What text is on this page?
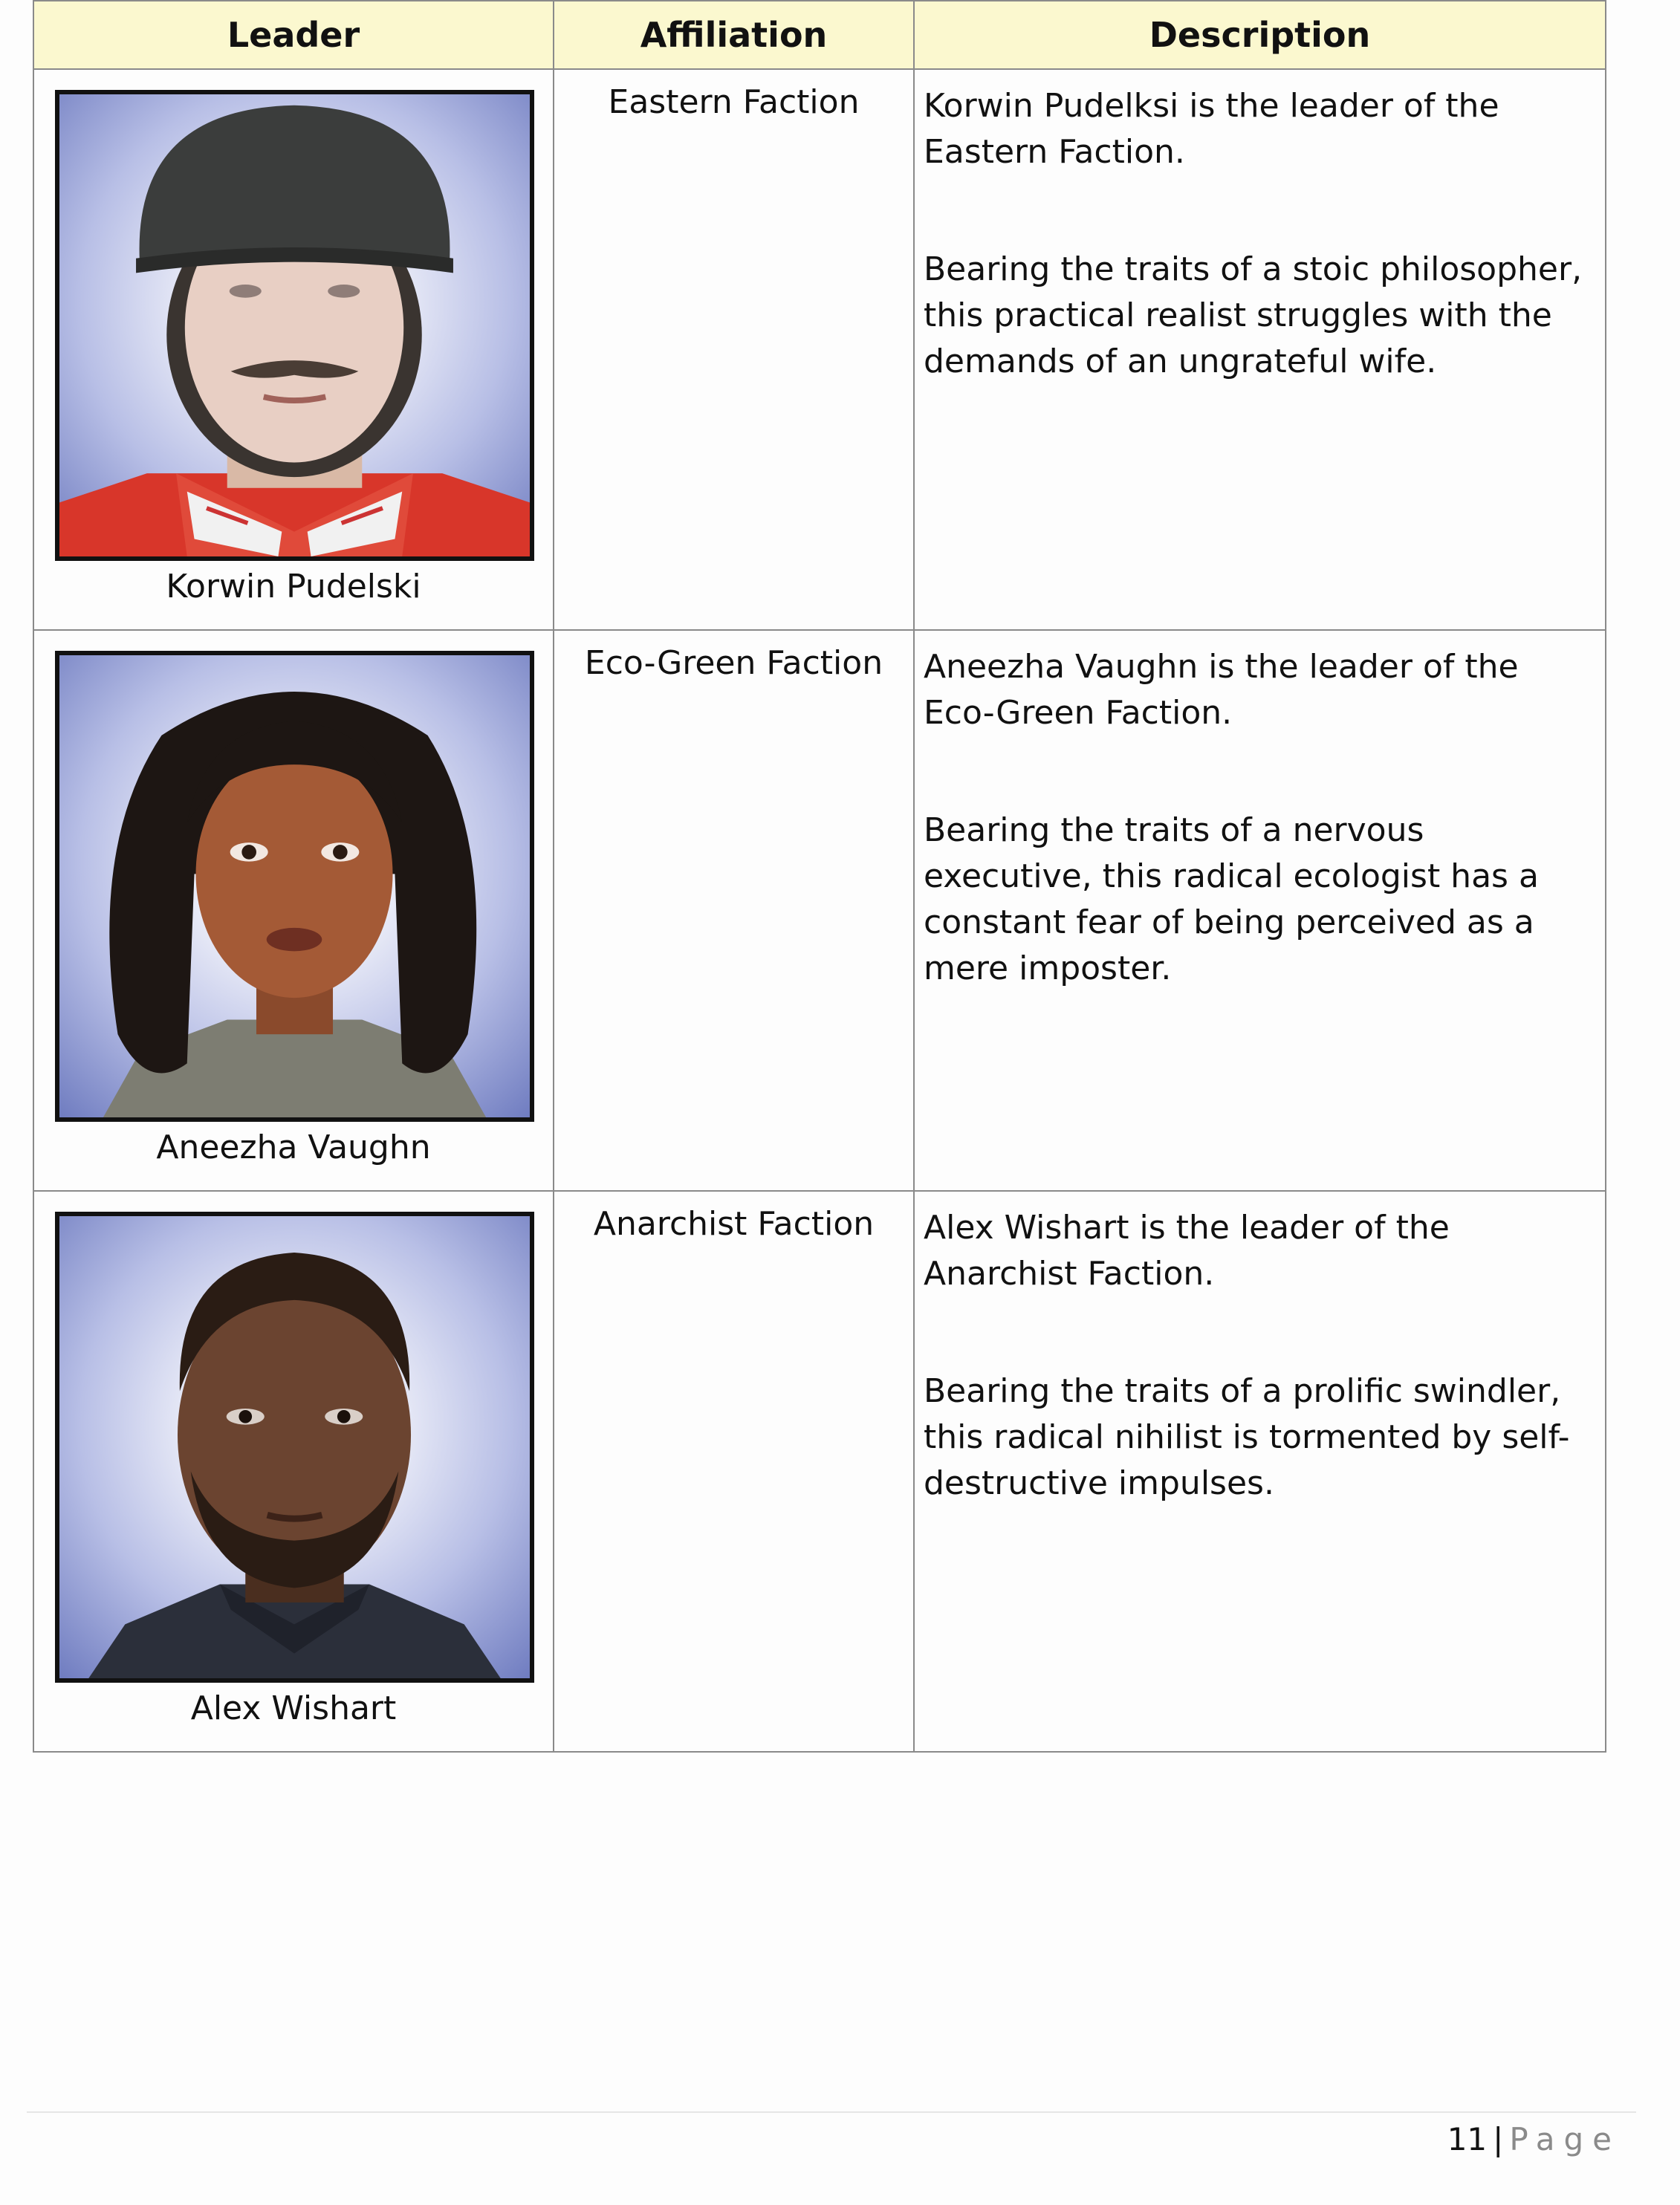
Leader	Affiliation	Description

Korwin Pudelski	Eastern Faction	Korwin Pudelksi is the leader of the Eastern Faction.

Bearing the traits of a stoic philosopher, this practical realist struggles with the demands of an ungrateful wife.

Aneezha Vaughn	Eco-Green Faction	Aneezha Vaughn is the leader of the Eco-Green Faction.

Bearing the traits of a nervous executive, this radical ecologist has a constant fear of being perceived as a mere imposter.

Alex Wishart	Anarchist Faction	Alex Wishart is the leader of the Anarchist Faction.

Bearing the traits of a prolific swindler, this radical nihilist is tormented by self-destructive impulses.

11 | Page
